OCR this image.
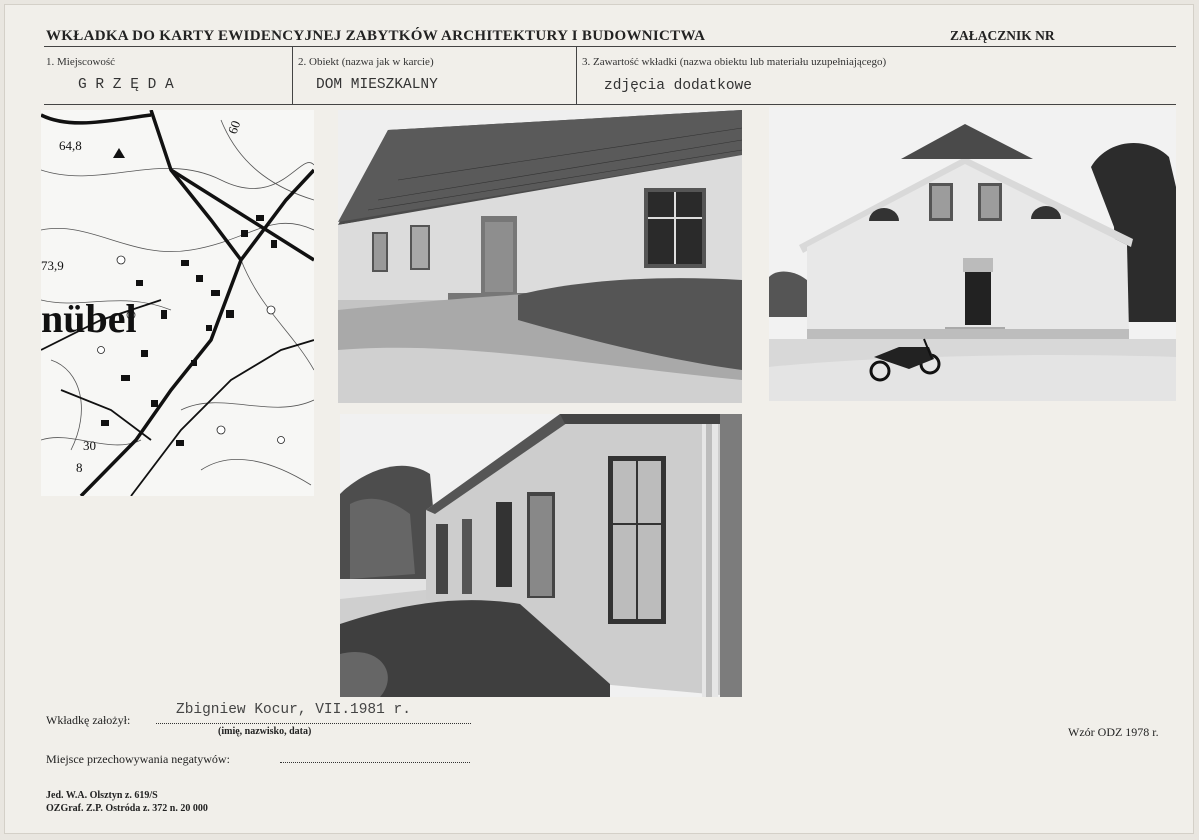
WKŁADKA DO KARTY EWIDENCYJNEJ ZABYTKÓW ARCHITEKTURY I BUDOWNICTWA	ZAŁĄCZNIK NR
1. Miejscowość
G R Z Ę D A
2. Obiekt (nazwa jak w karcie)
DOM MIESZKALNY
3. Zawartość wkładki (nazwa obiektu lub materiału uzupełniającego)
zdjęcia dodatkowe
64,8
60
73,9
nübel
30
8
Wkładkę założył:
Zbigniew Kocur, VII.1981 r.
(imię, nazwisko, data)
Miejsce przechowywania negatywów:
Wzór ODZ 1978 r.
Jed. W.A. Olsztyn z. 619/S
OZGraf. Z.P. Ostróda z. 372 n. 20 000
